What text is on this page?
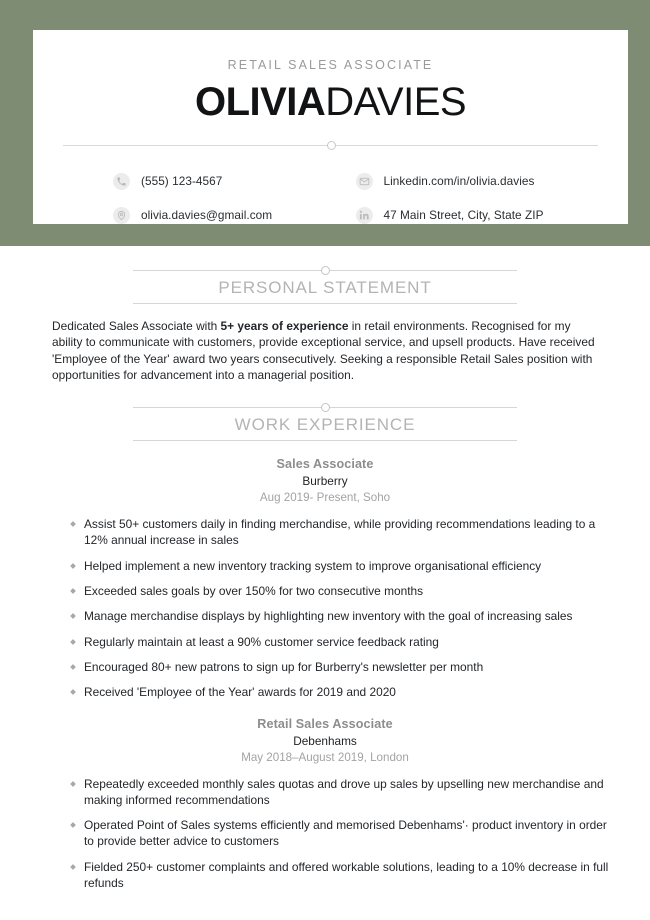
RETAIL SALES ASSOCIATE
OLIVIADAVIES
(555) 123-4567
olivia.davies@gmail.com
Linkedin.com/in/olivia.davies
47 Main Street, City, State ZIP
PERSONAL STATEMENT

Dedicated Sales Associate with 5+ years of experience in retail environments. Recognised for my ability to communicate with customers, provide exceptional service, and upsell products. Have received 'Employee of the Year' award two years consecutively. Seeking a responsible Retail Sales position with opportunities for advancement into a managerial position.

WORK EXPERIENCE
Sales Associate
Burberry
Aug 2019- Present, Soho
Assist 50+ customers daily in finding merchandise, while providing recommendations leading to a 12% annual increase in sales
Helped implement a new inventory tracking system to improve organisational efficiency
Exceeded sales goals by over 150% for two consecutive months
Manage merchandise displays by highlighting new inventory with the goal of increasing sales
Regularly maintain at least a 90% customer service feedback rating
Encouraged 80+ new patrons to sign up for Burberry's newsletter per month
Received 'Employee of the Year' awards for 2019 and 2020
Retail Sales Associate
Debenhams
May 2018–August 2019, London
Repeatedly exceeded monthly sales quotas and drove up sales by upselling new merchandise and making informed recommendations
Operated Point of Sales systems efficiently and memorised Debenhams'· product inventory in order to provide better advice to customers
Fielded 250+ customer complaints and offered workable solutions, leading to a 10% decrease in full refunds
